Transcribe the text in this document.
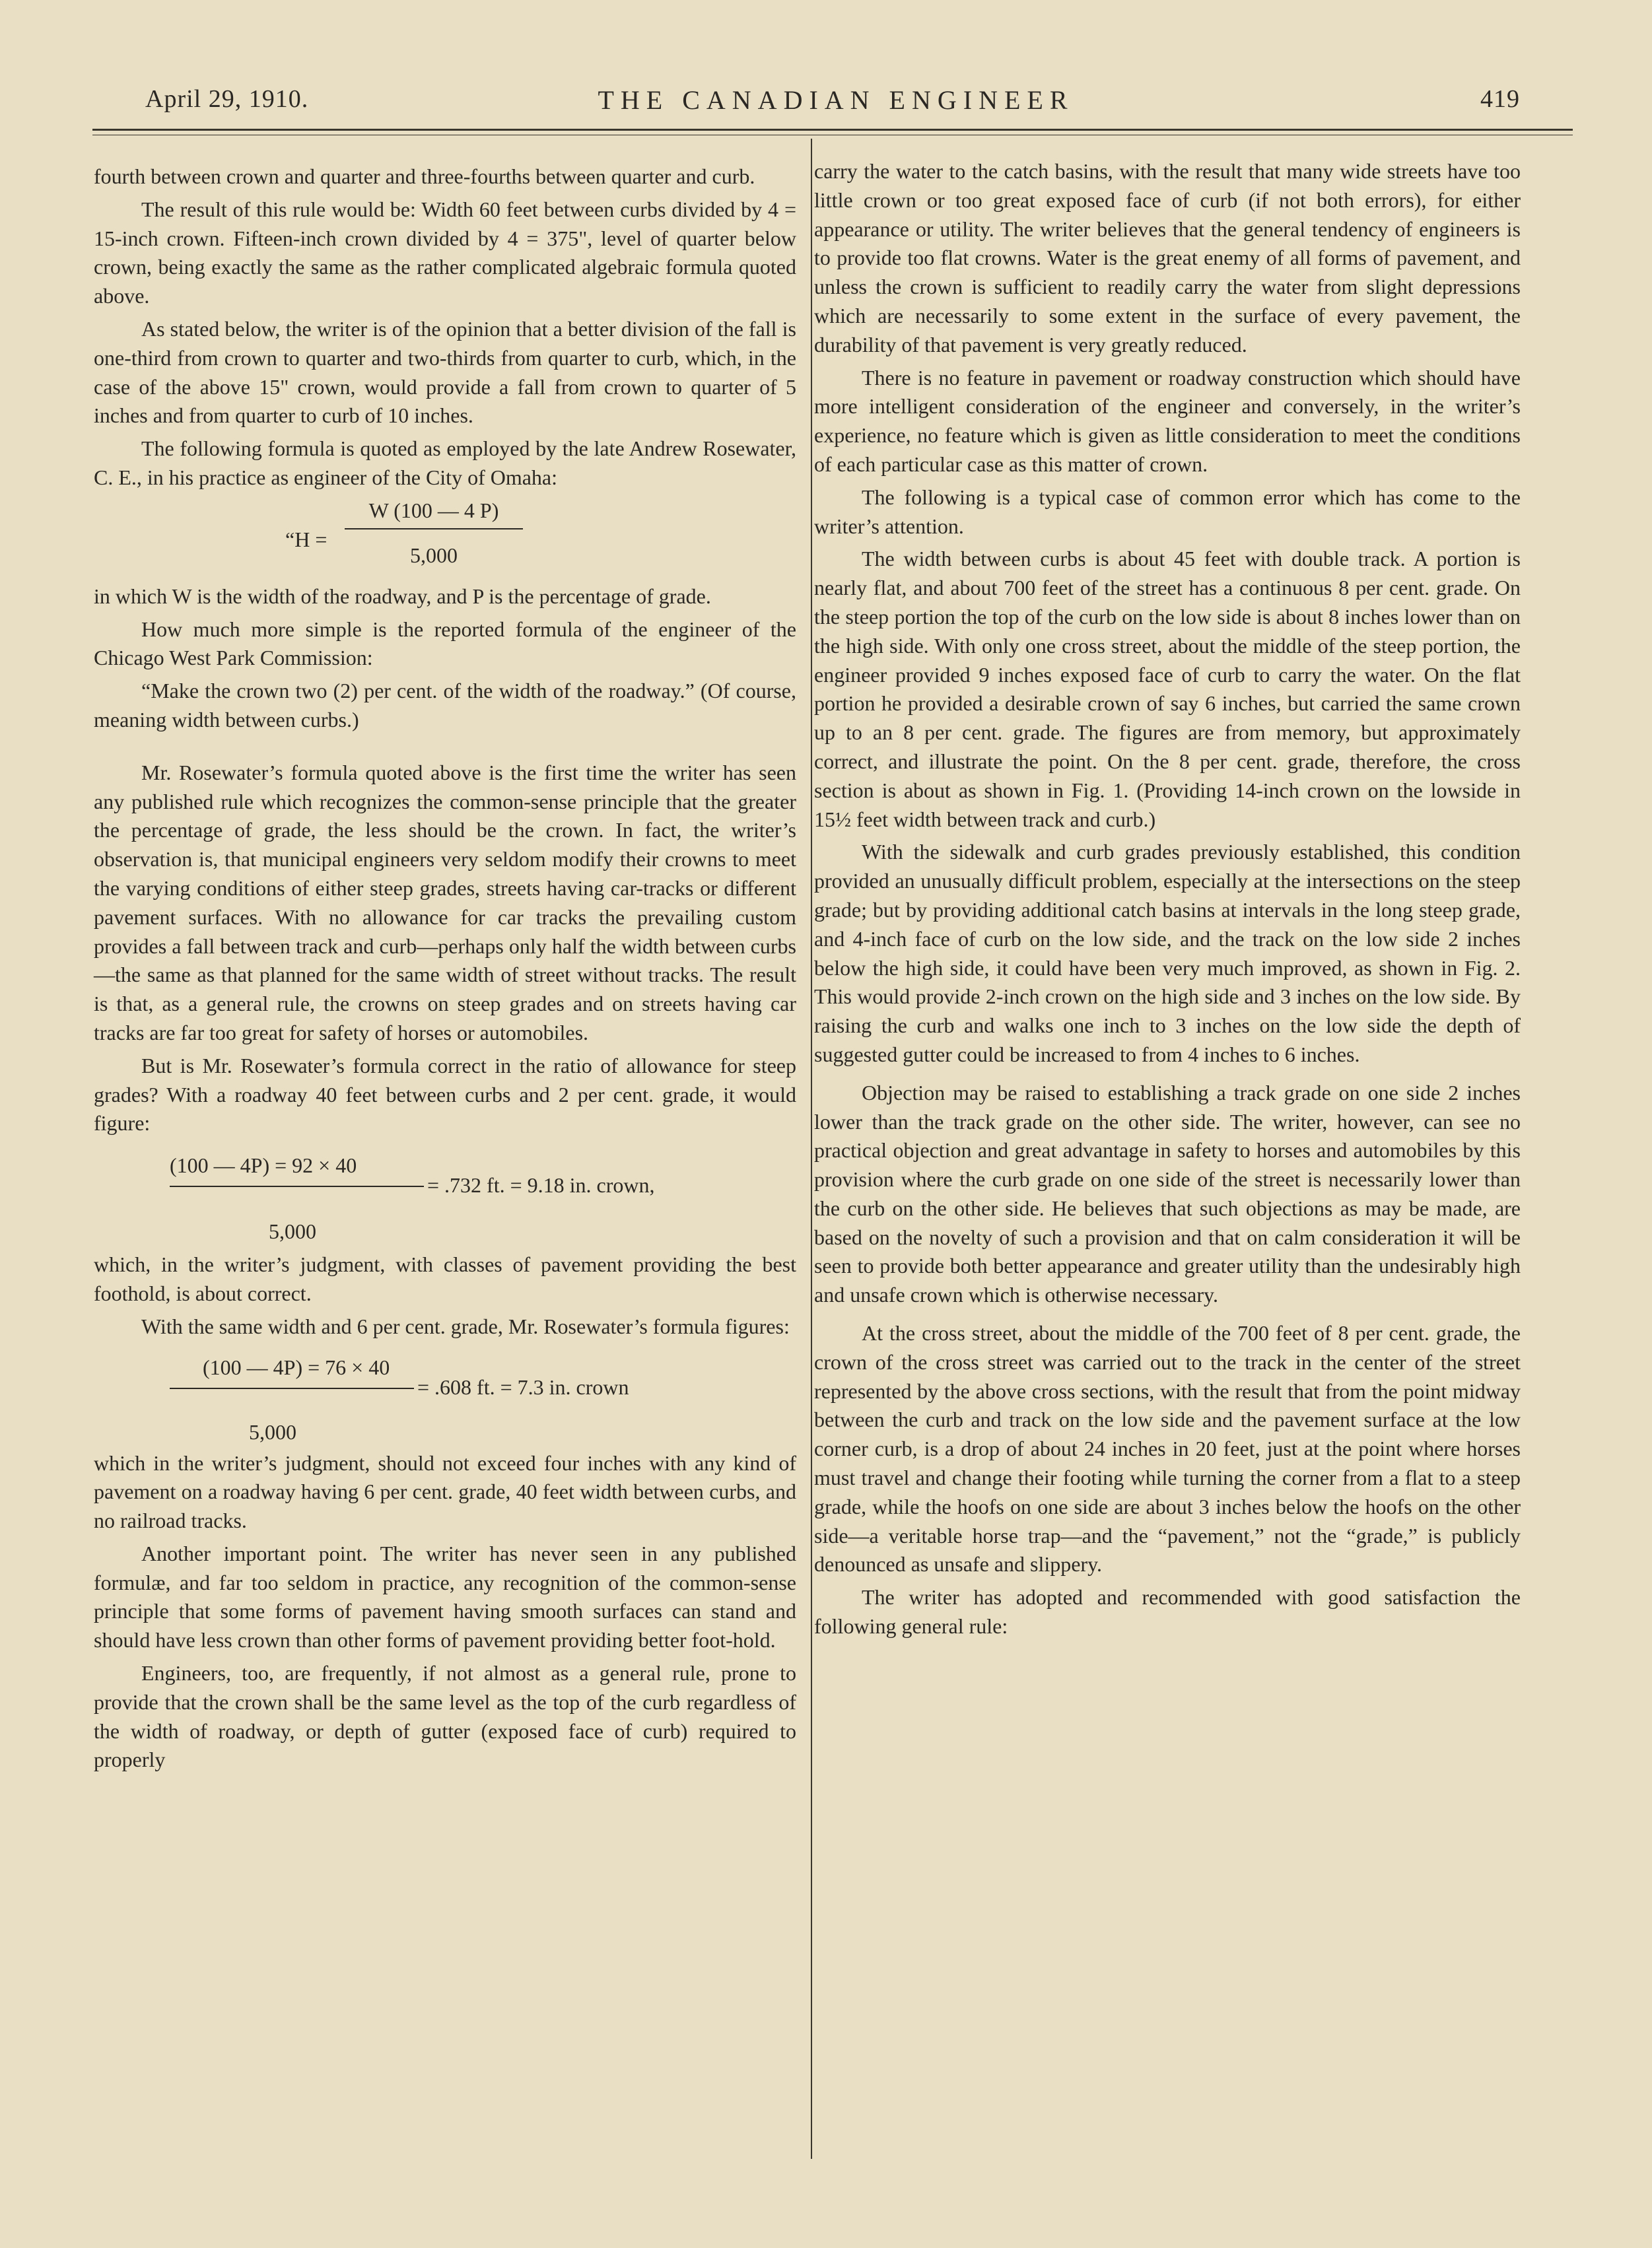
April 29, 1910.	THE CANADIAN ENGINEER	419

fourth between crown and quarter and three-fourths between quarter and curb.

The result of this rule would be: Width 60 feet between curbs divided by 4 = 15-inch crown. Fifteen-inch crown divided by 4 = 375", level of quarter below crown, being exactly the same as the rather complicated algebraic formula quoted above.

As stated below, the writer is of the opinion that a better division of the fall is one-third from crown to quarter and two-thirds from quarter to curb, which, in the case of the above 15" crown, would provide a fall from crown to quarter of 5 inches and from quarter to curb of 10 inches.

The following formula is quoted as employed by the late Andrew Rosewater, C. E., in his practice as engineer of the City of Omaha:

“H =
W (100 — 4 P)
5,000

in which W is the width of the roadway, and P is the percentage of grade.

How much more simple is the reported formula of the engineer of the Chicago West Park Commission:

“Make the crown two (2) per cent. of the width of the roadway.” (Of course, meaning width between curbs.)

Mr. Rosewater’s formula quoted above is the first time the writer has seen any published rule which recognizes the common-sense principle that the greater the percentage of grade, the less should be the crown. In fact, the writer’s observation is, that municipal engineers very seldom modify their crowns to meet the varying conditions of either steep grades, streets having car-tracks or different pavement surfaces. With no allowance for car tracks the prevailing custom provides a fall between track and curb—perhaps only half the width between curbs—the same as that planned for the same width of street without tracks. The result is that, as a general rule, the crowns on steep grades and on streets having car tracks are far too great for safety of horses or automobiles.

But is Mr. Rosewater’s formula correct in the ratio of allowance for steep grades? With a roadway 40 feet between curbs and 2 per cent. grade, it would figure:

(100 — 4P) = 92 × 40
= .732 ft. = 9.18 in. crown,
5,000

which, in the writer’s judgment, with classes of pavement providing the best foothold, is about correct.

With the same width and 6 per cent. grade, Mr. Rosewater’s formula figures:

(100 — 4P) = 76 × 40
= .608 ft. = 7.3 in. crown
5,000

which in the writer’s judgment, should not exceed four inches with any kind of pavement on a roadway having 6 per cent. grade, 40 feet width between curbs, and no railroad tracks.

Another important point. The writer has never seen in any published formulæ, and far too seldom in practice, any recognition of the common-sense principle that some forms of pavement having smooth surfaces can stand and should have less crown than other forms of pavement providing better foot-hold.

Engineers, too, are frequently, if not almost as a general rule, prone to provide that the crown shall be the same level as the top of the curb regardless of the width of roadway, or depth of gutter (exposed face of curb) required to properly

carry the water to the catch basins, with the result that many wide streets have too little crown or too great exposed face of curb (if not both errors), for either appearance or utility. The writer believes that the general tendency of engineers is to provide too flat crowns. Water is the great enemy of all forms of pavement, and unless the crown is sufficient to readily carry the water from slight depressions which are necessarily to some extent in the surface of every pavement, the durability of that pavement is very greatly reduced.

There is no feature in pavement or roadway construction which should have more intelligent consideration of the engineer and conversely, in the writer’s experience, no feature which is given as little consideration to meet the conditions of each particular case as this matter of crown.

The following is a typical case of common error which has come to the writer’s attention.

The width between curbs is about 45 feet with double track. A portion is nearly flat, and about 700 feet of the street has a continuous 8 per cent. grade. On the steep portion the top of the curb on the low side is about 8 inches lower than on the high side. With only one cross street, about the middle of the steep portion, the engineer provided 9 inches exposed face of curb to carry the water. On the flat portion he provided a desirable crown of say 6 inches, but carried the same crown up to an 8 per cent. grade. The figures are from memory, but approximately correct, and illustrate the point. On the 8 per cent. grade, therefore, the cross section is about as shown in Fig. 1. (Providing 14-inch crown on the lowside in 15½ feet width between track and curb.)

With the sidewalk and curb grades previously established, this condition provided an unusually difficult problem, especially at the intersections on the steep grade; but by providing additional catch basins at intervals in the long steep grade, and 4-inch face of curb on the low side, and the track on the low side 2 inches below the high side, it could have been very much improved, as shown in Fig. 2. This would provide 2-inch crown on the high side and 3 inches on the low side. By raising the curb and walks one inch to 3 inches on the low side the depth of suggested gutter could be increased to from 4 inches to 6 inches.

Objection may be raised to establishing a track grade on one side 2 inches lower than the track grade on the other side. The writer, however, can see no practical objection and great advantage in safety to horses and automobiles by this provision where the curb grade on one side of the street is necessarily lower than the curb on the other side. He believes that such objections as may be made, are based on the novelty of such a provision and that on calm consideration it will be seen to provide both better appearance and greater utility than the undesirably high and unsafe crown which is otherwise necessary.

At the cross street, about the middle of the 700 feet of 8 per cent. grade, the crown of the cross street was carried out to the track in the center of the street represented by the above cross sections, with the result that from the point midway between the curb and track on the low side and the pavement surface at the low corner curb, is a drop of about 24 inches in 20 feet, just at the point where horses must travel and change their footing while turning the corner from a flat to a steep grade, while the hoofs on one side are about 3 inches below the hoofs on the other side—a veritable horse trap—and the “pavement,” not the “grade,” is publicly denounced as unsafe and slippery.

The writer has adopted and recommended with good satisfaction the following general rule:
